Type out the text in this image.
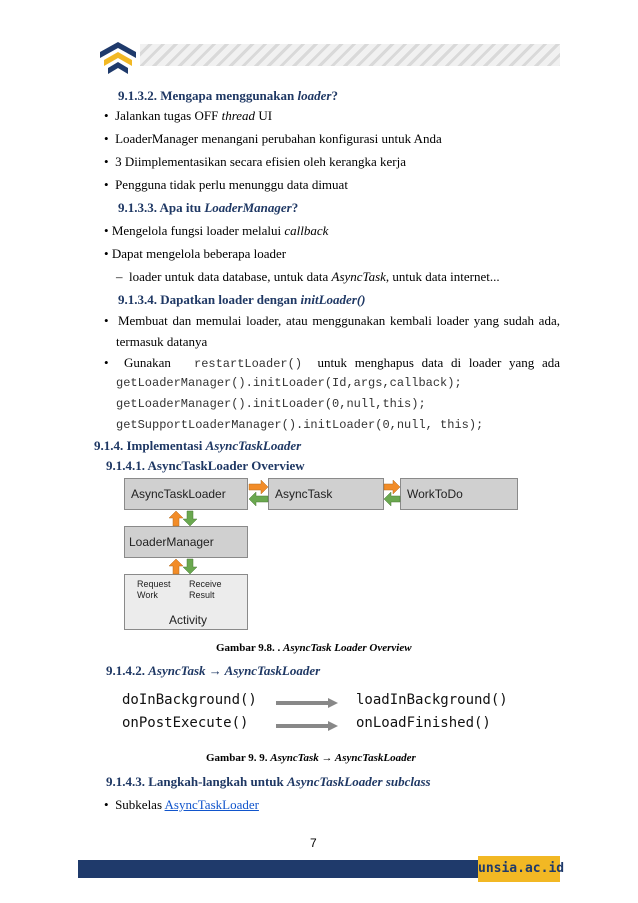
9.1.3.2. Mengapa menggunakan loader?
•  Jalankan tugas OFF thread UI
•  LoaderManager menangani perubahan konfigurasi untuk Anda
•  3 Diimplementasikan secara efisien oleh kerangka kerja
•  Pengguna tidak perlu menunggu data dimuat
9.1.3.3. Apa itu LoaderManager?
• Mengelola fungsi loader melalui callback
• Dapat mengelola beberapa loader
–  loader untuk data database, untuk data AsyncTask, untuk data internet...
9.1.3.4. Dapatkan loader dengan initLoader()
•  Membuat dan memulai loader, atau menggunakan kembali loader yang sudah ada,
termasuk datanya
•  Gunakan restartLoader() untuk menghapus data di loader yang ada
getLoaderManager().initLoader(Id,args,callback);
getLoaderManager().initLoader(0,null,this);
getSupportLoaderManager().initLoader(0,null, this);
9.1.4. Implementasi AsyncTaskLoader
9.1.4.1. AsyncTaskLoader Overview
AsyncTaskLoader	AsyncTask	WorkToDo
LoaderManager
Request Work
Receive Result
Activity
Gambar 9.8. . AsyncTask Loader Overview
9.1.4.2. AsyncTask → AsyncTaskLoader
doInBackground()
onPostExecute()
loadInBackground()
onLoadFinished()
Gambar 9. 9. AsyncTask → AsyncTaskLoader
9.1.4.3. Langkah-langkah untuk AsyncTaskLoader subclass
•  Subkelas AsyncTaskLoader
7
unsia.ac.id
